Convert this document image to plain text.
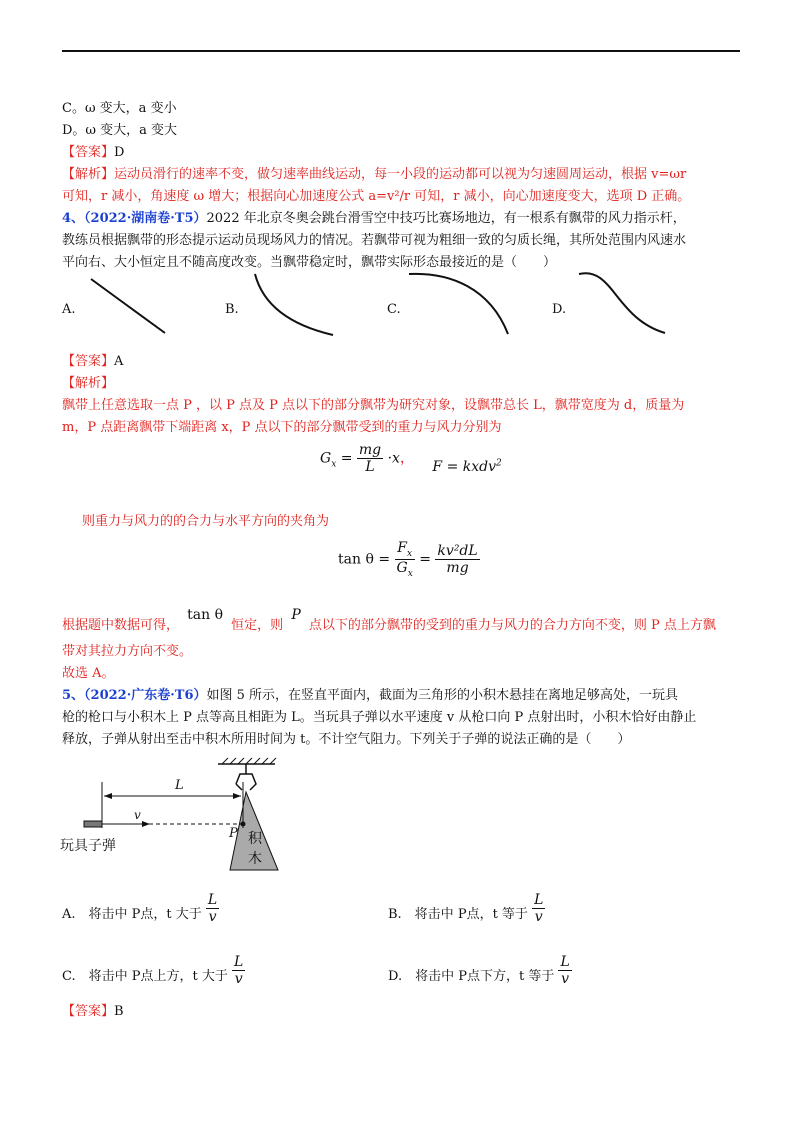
C。ω 变大，a 变小
D。ω 变大，a 变大
【答案】D
【解析】运动员滑行的速率不变，做匀速率曲线运动，每一小段的运动都可以视为匀速圆周运动，根据 v=ωr
可知，r 减小，角速度 ω 增大；根据向心加速度公式 a=v²/r 可知，r 减小，向心加速度变大，选项 D 正确。
4、（2022·湖南卷·T5）2022 年北京冬奥会跳台滑雪空中技巧比赛场地边，有一根系有飘带的风力指示杆，
教练员根据飘带的形态提示运动员现场风力的情况。若飘带可视为粗细一致的匀质长绳，其所处范围内风速水
平向右、大小恒定且不随高度改变。当飘带稳定时，飘带实际形态最接近的是（　　）
A.	B.	C.	D.
【答案】A
【解析】
飘带上任意选取一点 P ，以 P 点及 P 点以下的部分飘带为研究对象，设飘带总长 L，飘带宽度为 d，质量为
m，P 点距离飘带下端距离 x，P 点以下的部分飘带受到的重力与风力分别为
$G_x = \frac{mg}{L} \cdot x$， F = kxdv$^2$
则重力与风力的的合力与水平方向的夹角为
$\tan \theta = \frac{F_x}{G_x} = \frac{\text{kv²dL}}{mg}$
根据题中数据可得， tan θ 恒定，则 P 点以下的部分飘带的受到的重力与风力的合力方向不变，则 P 点上方飘
带对其拉力方向不变。
故选 A。
5、（2022·广东卷·T6）如图 5 所示，在竖直平面内，截面为三角形的小积木悬挂在离地足够高处，一玩具
枪的枪口与小积木上 P 点等高且相距为 L。当玩具子弹以水平速度 v 从枪口向 P 点射出时，小积木恰好由静止
释放，子弹从射出至击中积木所用时间为 t。不计空气阻力。下列关于子弹的说法正确的是（　　）
L
v
P 积
木
玩具子弹
A.　将击中 P点，t 大于 $\frac{L}{v}$	B.　将击中 P点，t 等于 $\frac{L}{v}$
C.　将击中 P点上方，t 大于 $\frac{L}{v}$	D.　将击中 P点下方，t 等于 $\frac{L}{v}$
【答案】B
